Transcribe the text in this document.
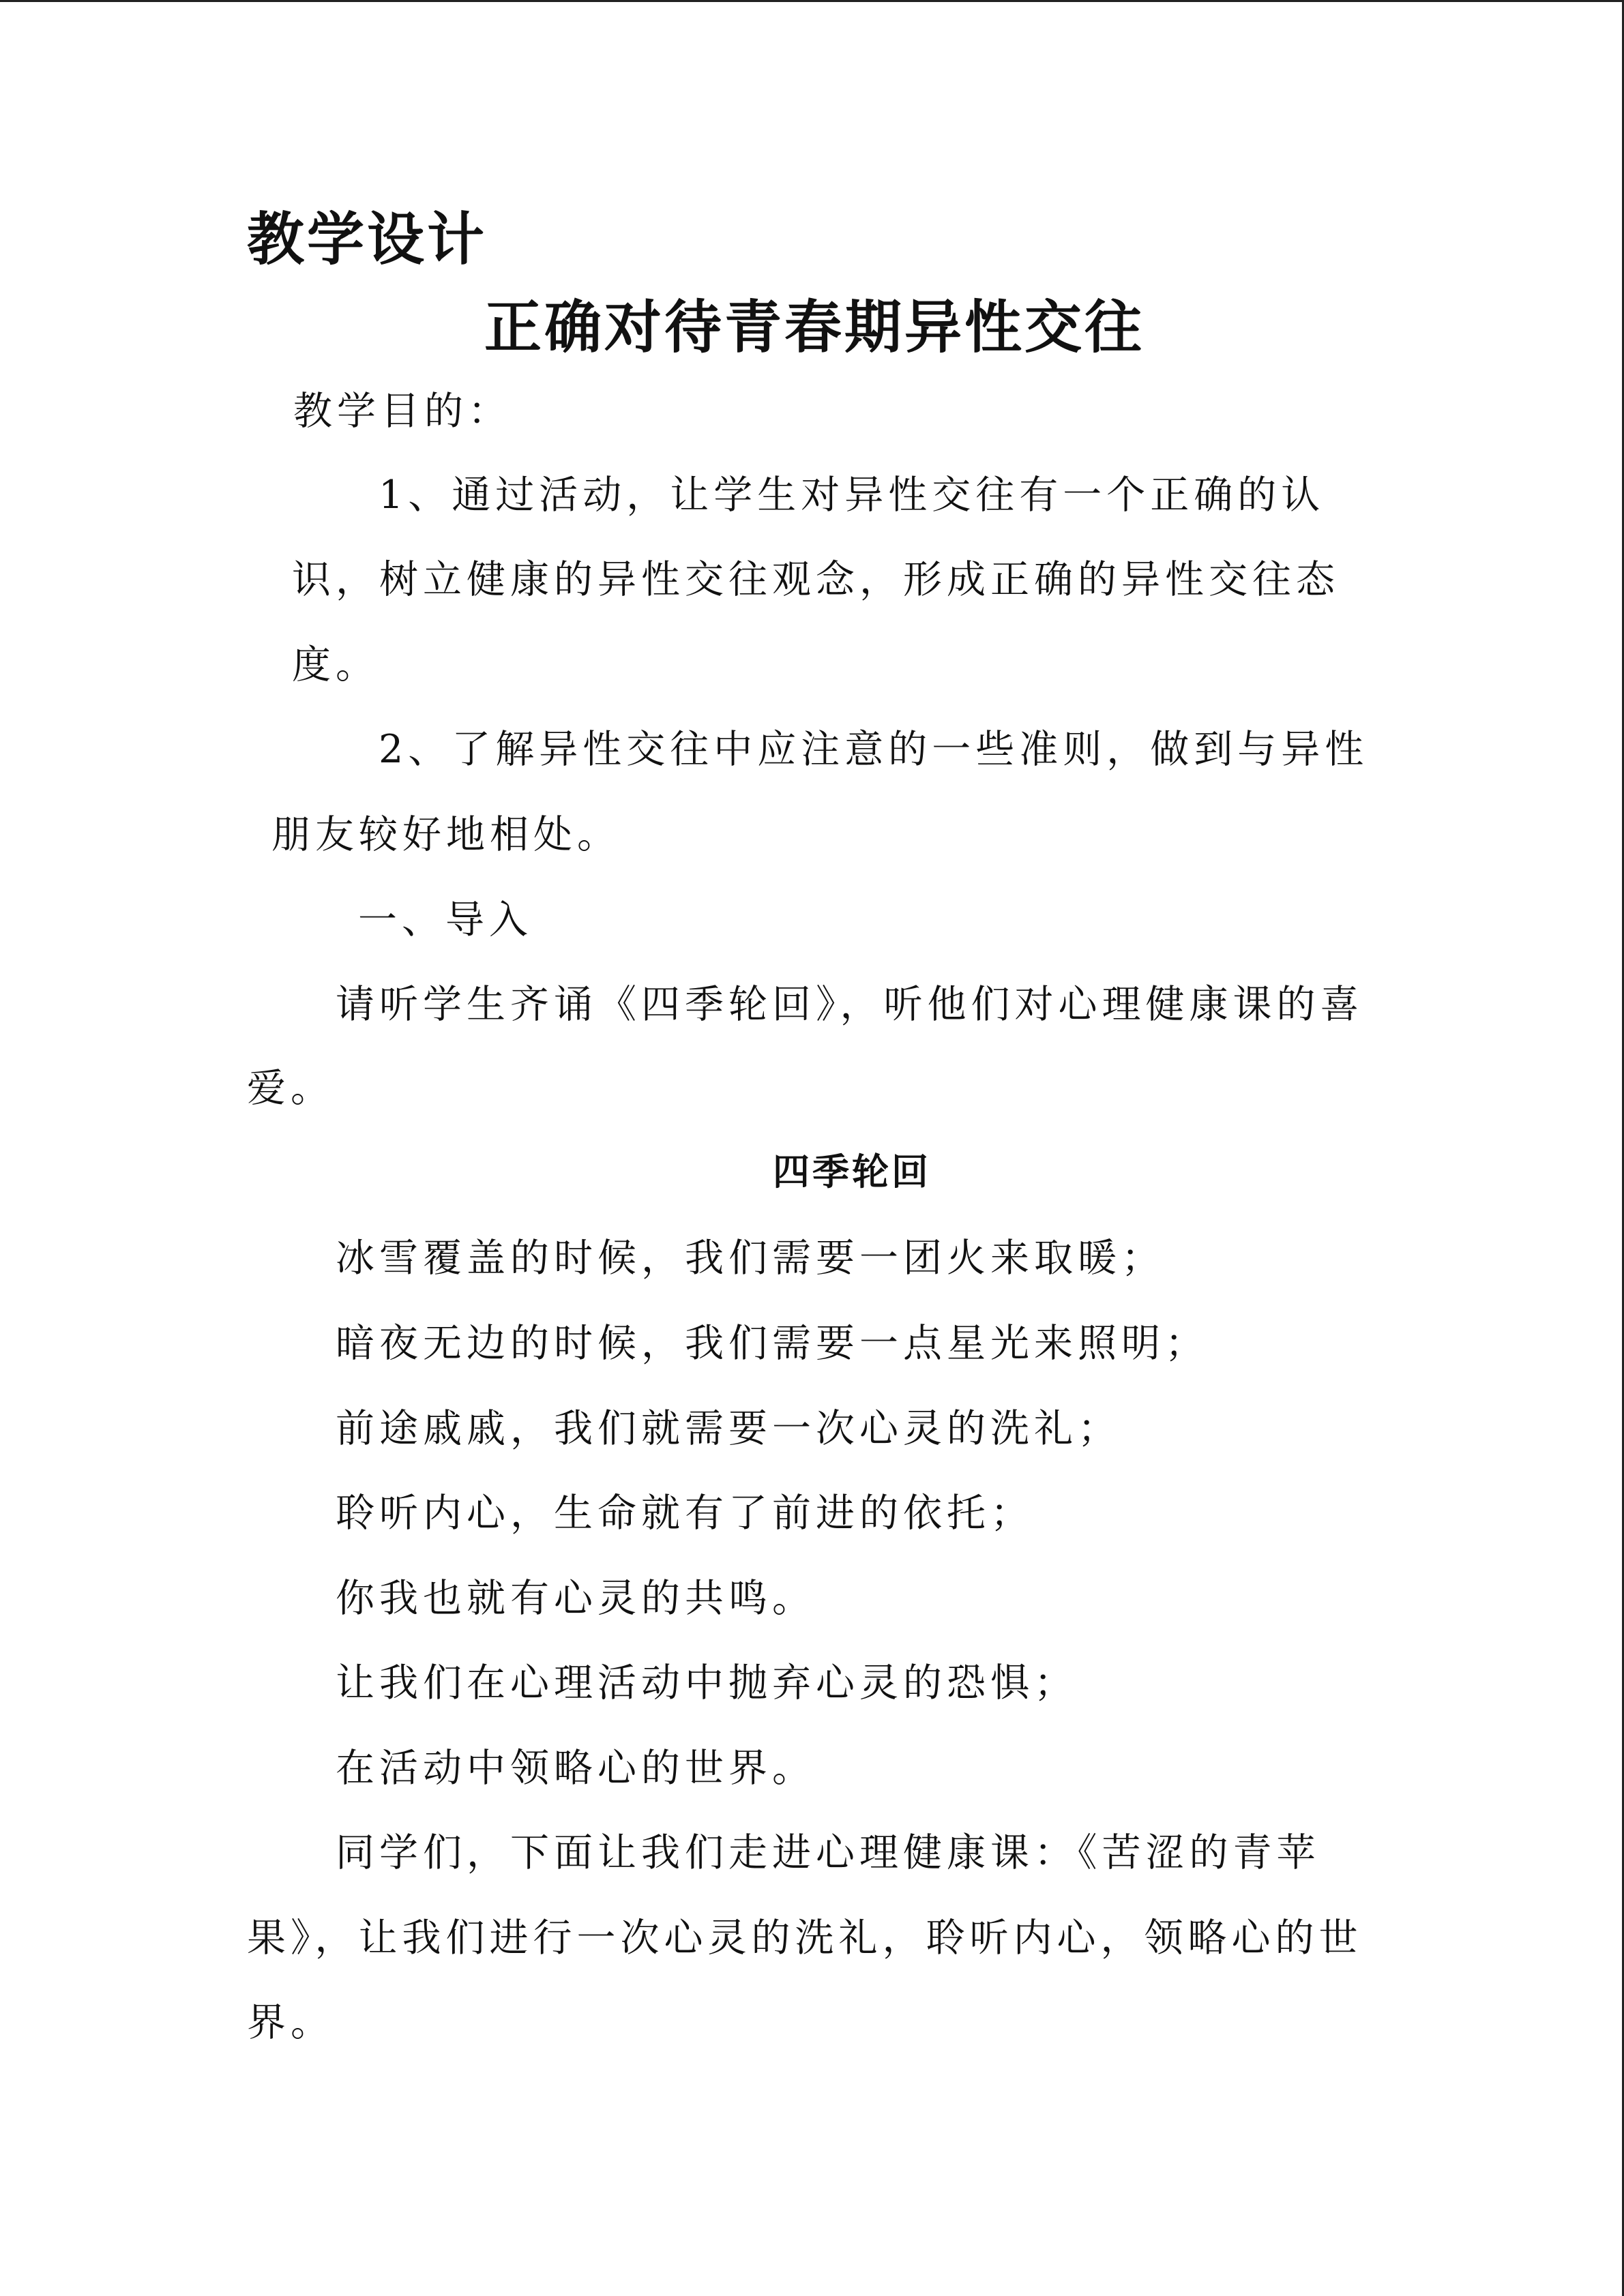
教学设计
正确对待青春期异性交往
教学目的：
1、通过活动，让学生对异性交往有一个正确的认
识，树立健康的异性交往观念，形成正确的异性交往态
度。
2、了解异性交往中应注意的一些准则，做到与异性
朋友较好地相处。
一、导入
请听学生齐诵《四季轮回》，听他们对心理健康课的喜
爱。
四季轮回
冰雪覆盖的时候，我们需要一团火来取暖；
暗夜无边的时候，我们需要一点星光来照明；
前途戚戚，我们就需要一次心灵的洗礼；
聆听内心，生命就有了前进的依托；
你我也就有心灵的共鸣。
让我们在心理活动中抛弃心灵的恐惧；
在活动中领略心的世界。
同学们，下面让我们走进心理健康课：《苦涩的青苹
果》，让我们进行一次心灵的洗礼，聆听内心，领略心的世
界。
